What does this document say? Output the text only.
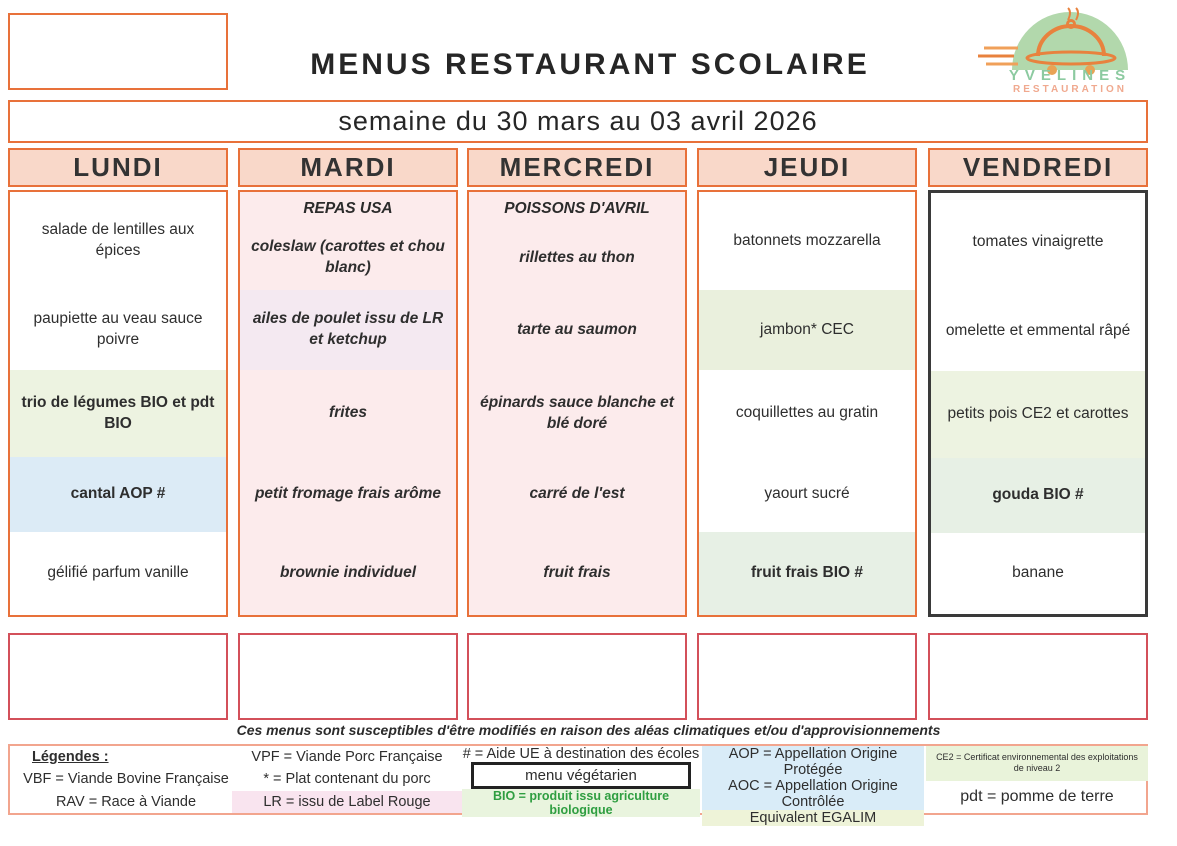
MENUS RESTAURANT SCOLAIRE	YVELINES
RESTAURATION
semaine du 30 mars au 03 avril 2026
LUNDI
salade de lentilles aux épices
paupiette au veau sauce poivre
trio de légumes BIO et pdt BIO
cantal AOP #
gélifié parfum vanille
MARDI
REPAS USA
coleslaw (carottes et chou blanc)
ailes de poulet issu de LR et ketchup
frites
petit fromage frais arôme
brownie individuel
MERCREDI
POISSONS D'AVRIL
rillettes au thon
tarte au saumon
épinards sauce blanche et blé doré
carré de l'est
fruit frais
JEUDI
batonnets mozzarella
jambon* CEC
coquillettes au gratin
yaourt sucré
fruit frais BIO #
VENDREDI
tomates vinaigrette
omelette et emmental râpé
petits pois CE2 et carottes
gouda BIO #
banane
Ces menus sont susceptibles d'être modifiés en raison des aléas climatiques et/ou d'approvisionnements
Légendes :
VBF = Viande Bovine Française
RAV = Race à Viande
VPF = Viande Porc Française
* = Plat contenant du porc
LR = issu de Label Rouge
# = Aide UE à destination des écoles
menu végétarien
BIO = produit issu agriculture biologique
AOP = Appellation Origine Protégée
AOC = Appellation Origine Contrôlée
Equivalent EGALIM
CE2 = Certificat environnemental des exploitations de niveau 2
pdt = pomme de terre
